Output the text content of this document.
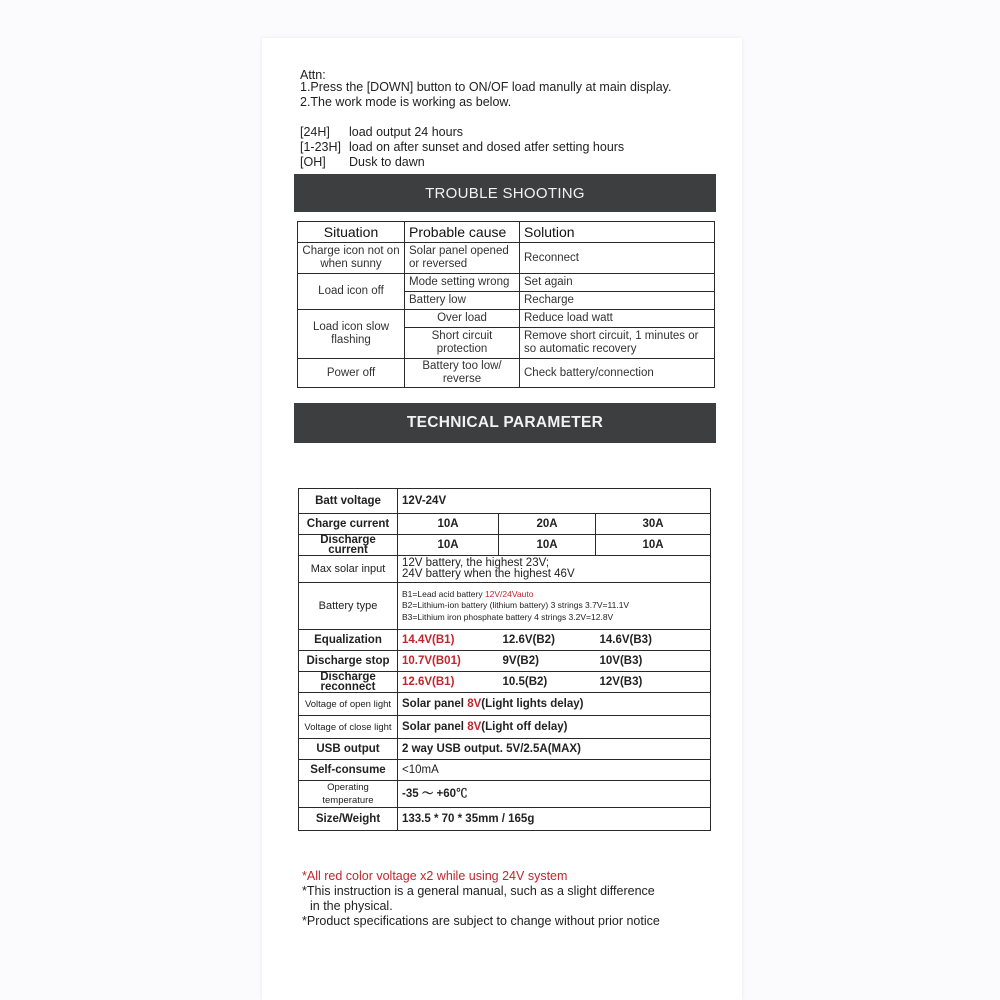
Attn:
1.Press the [DOWN] button to ON/OF load manully at main display.
2.The work mode is working as below.
[24H] load output 24 hours
[1-23H] load on after sunset and dosed atfer setting hours
[OH] Dusk to dawn
TROUBLE SHOOTING
Situation	Probable cause	Solution
Charge icon not on when sunny	Solar panel opened or reversed	Reconnect
Load icon off	Mode setting wrong	Set again
	Battery low	Recharge
Load icon slow flashing	Over load	Reduce load watt
	Short circuit protection	Remove short circuit, 1 minutes or so automatic recovery
Power off	Battery too low/ reverse	Check battery/connection
TECHNICAL PARAMETER
Batt voltage	12V-24V		
Charge current	10A	20A	30A
Discharge current	10A	10A	10A
Max solar input	12V battery, the highest 23V;
24V battery when the highest 46V		

Battery type	B1=Lead acid battery 12V/24Vauto
B2=Lithium-ion battery (lithium battery) 3 strings 3.7V=11.1V
B3=Lithium iron phosphate battery 4 strings 3.2V=12.8V		

Equalization	14.4V(B1)	12.6V(B2)	14.6V(B3)
Discharge stop	10.7V(B01)	9V(B2)	10V(B3)
Discharge reconnect	12.6V(B1)	10.5(B2)	12V(B3)
Voltage of open light	Solar panel 8V(Light lights delay)		
Voltage of close light	Solar panel 8V(Light off delay)		
USB output	2 way USB output. 5V/2.5A(MAX)		
Self-consume	<10mA		
Operating temperature	-35 ～ +60℃		
Size/Weight	133.5 * 70 * 35mm / 165g		
*All red color voltage x2 while using 24V system
*This instruction is a general manual, such as a slight difference
in the physical.
*Product specifications are subject to change without prior notice
